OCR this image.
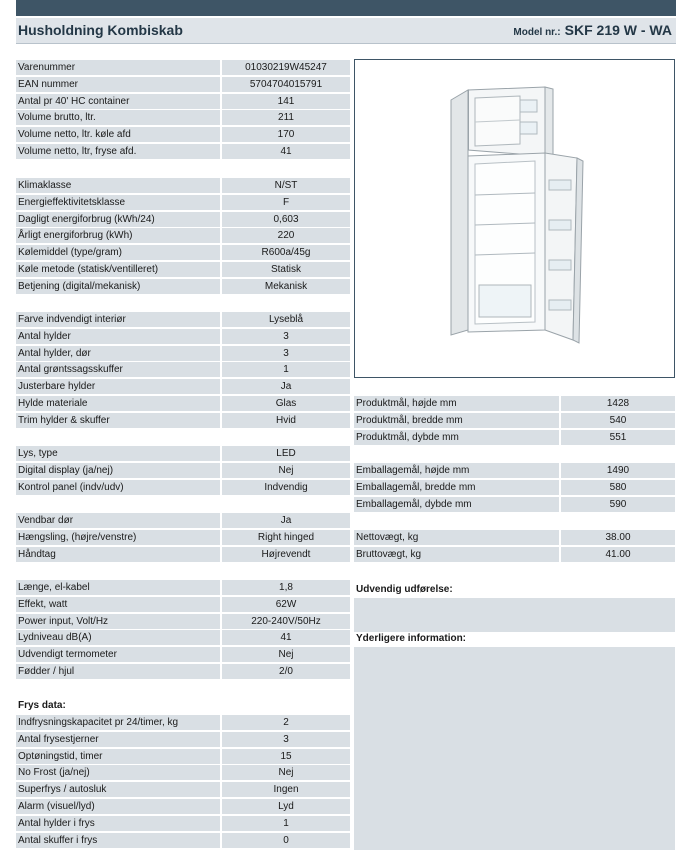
Husholdning Kombiskab	Model nr.: SKF 219 W - WA
Frys data:
Udvendig udførelse:
Yderligere information:
Varenummer	01030219W45247
EAN nummer	5704704015791
Antal pr 40' HC container	141
Volume brutto, ltr.	211
Volume netto, ltr. køle afd	170
Volume netto, ltr, fryse afd.	41
Klimaklasse	N/ST
Energieffektivitetsklasse	F
Dagligt energiforbrug (kWh/24)	0,603
Årligt energiforbrug (kWh)	220
Kølemiddel (type/gram)	R600a/45g
Køle metode (statisk/ventilleret)	Statisk
Betjening (digital/mekanisk)	Mekanisk
Farve indvendigt interiør	Lyseblå
Antal hylder	3
Antal hylder, dør	3
Antal grøntssagsskuffer	1
Justerbare hylder	Ja
Hylde materiale	Glas
Trim hylder & skuffer	Hvid
Lys, type	LED
Digital display (ja/nej)	Nej
Kontrol panel (indv/udv)	Indvendig
Vendbar dør	Ja
Hængsling, (højre/venstre)	Right hinged
Håndtag	Højrevendt
Længe, el-kabel	1,8
Effekt, watt	62W
Power input, Volt/Hz	220-240V/50Hz
Lydniveau dB(A)	41
Udvendigt termometer	Nej
Fødder / hjul	2/0
Indfrysningskapacitet pr 24/timer, kg	2
Antal frysestjerner	3
Optøningstid, timer	15
No Frost (ja/nej)	Nej
Superfrys / autosluk	Ingen
Alarm (visuel/lyd)	Lyd
Antal hylder i frys	1
Antal skuffer i frys	0
Produktmål, højde mm	1428
Produktmål, bredde mm	540
Produktmål, dybde mm	551
Emballagemål, højde mm	1490
Emballagemål, bredde mm	580
Emballagemål, dybde mm	590
Nettovægt, kg	38.00
Bruttovægt, kg	41.00
